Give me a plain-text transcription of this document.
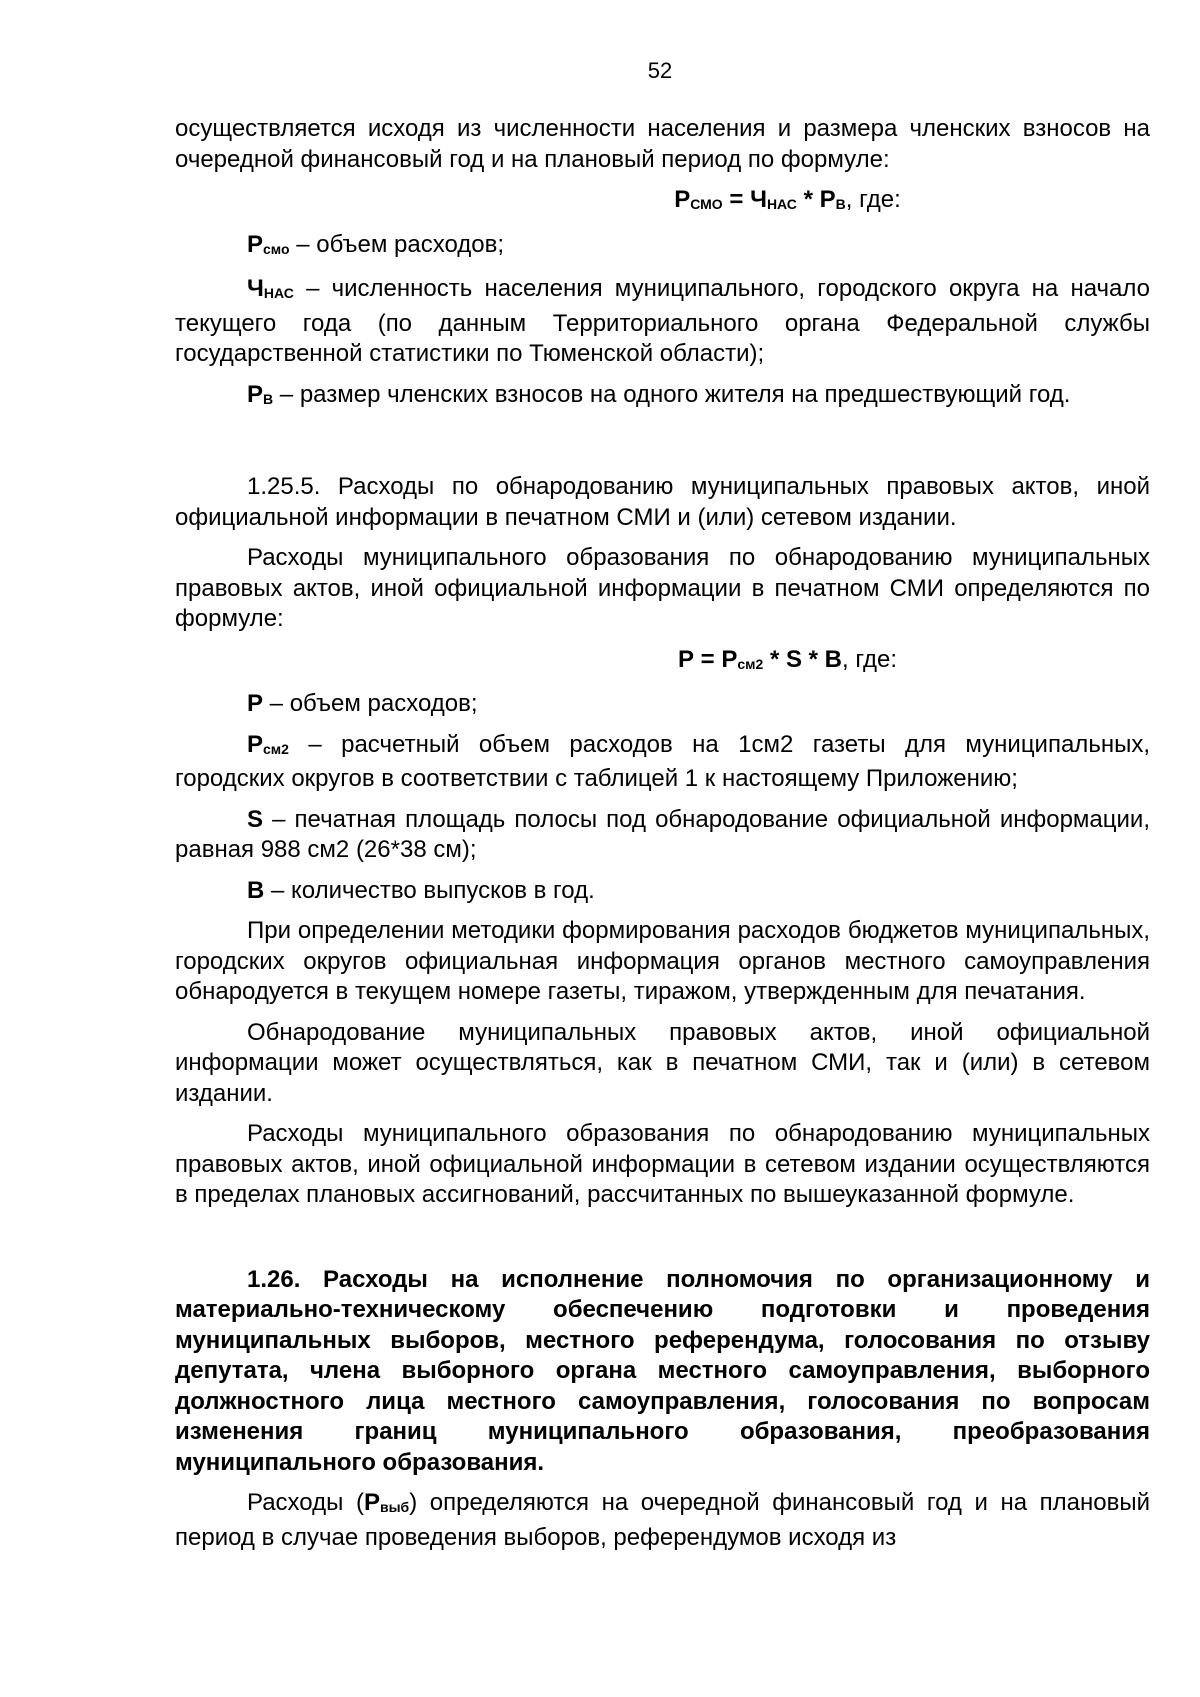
52
осуществляется исходя из численности населения и размера членских взносов на очередной финансовый год и на плановый период по формуле:
РСМО = ЧНАС * РВ, где:
Рсмо – объем расходов;
ЧНАС – численность населения муниципального, городского округа на начало текущего года (по данным Территориального органа Федеральной службы государственной статистики по Тюменской области);
РВ – размер членских взносов на одного жителя на предшествующий год.
1.25.5. Расходы по обнародованию муниципальных правовых актов, иной официальной информации в печатном СМИ и (или) сетевом издании.
Расходы муниципального образования по обнародованию муниципальных правовых актов, иной официальной информации в печатном СМИ определяются по формуле:
Р = Рсм2 * S * В, где:
Р – объем расходов;
Рсм2 – расчетный объем расходов на 1см2 газеты для муниципальных, городских округов в соответствии с таблицей 1 к настоящему Приложению;
S – печатная площадь полосы под обнародование официальной информации, равная 988 см2 (26*38 см);
В – количество выпусков в год.
При определении методики формирования расходов бюджетов муниципальных, городских округов официальная информация органов местного самоуправления обнародуется в текущем номере газеты, тиражом, утвержденным для печатания.
Обнародование муниципальных правовых актов, иной официальной информации может осуществляться, как в печатном СМИ, так и (или) в сетевом издании.
Расходы муниципального образования по обнародованию муниципальных правовых актов, иной официальной информации в сетевом издании осуществляются в пределах плановых ассигнований, рассчитанных по вышеуказанной формуле.
1.26. Расходы на исполнение полномочия по организационному и материально-техническому обеспечению подготовки и проведения муниципальных выборов, местного референдума, голосования по отзыву депутата, члена выборного органа местного самоуправления, выборного должностного лица местного самоуправления, голосования по вопросам изменения границ муниципального образования, преобразования муниципального образования.
Расходы (Рвыб) определяются на очередной финансовый год и на плановый период в случае проведения выборов, референдумов исходя из
